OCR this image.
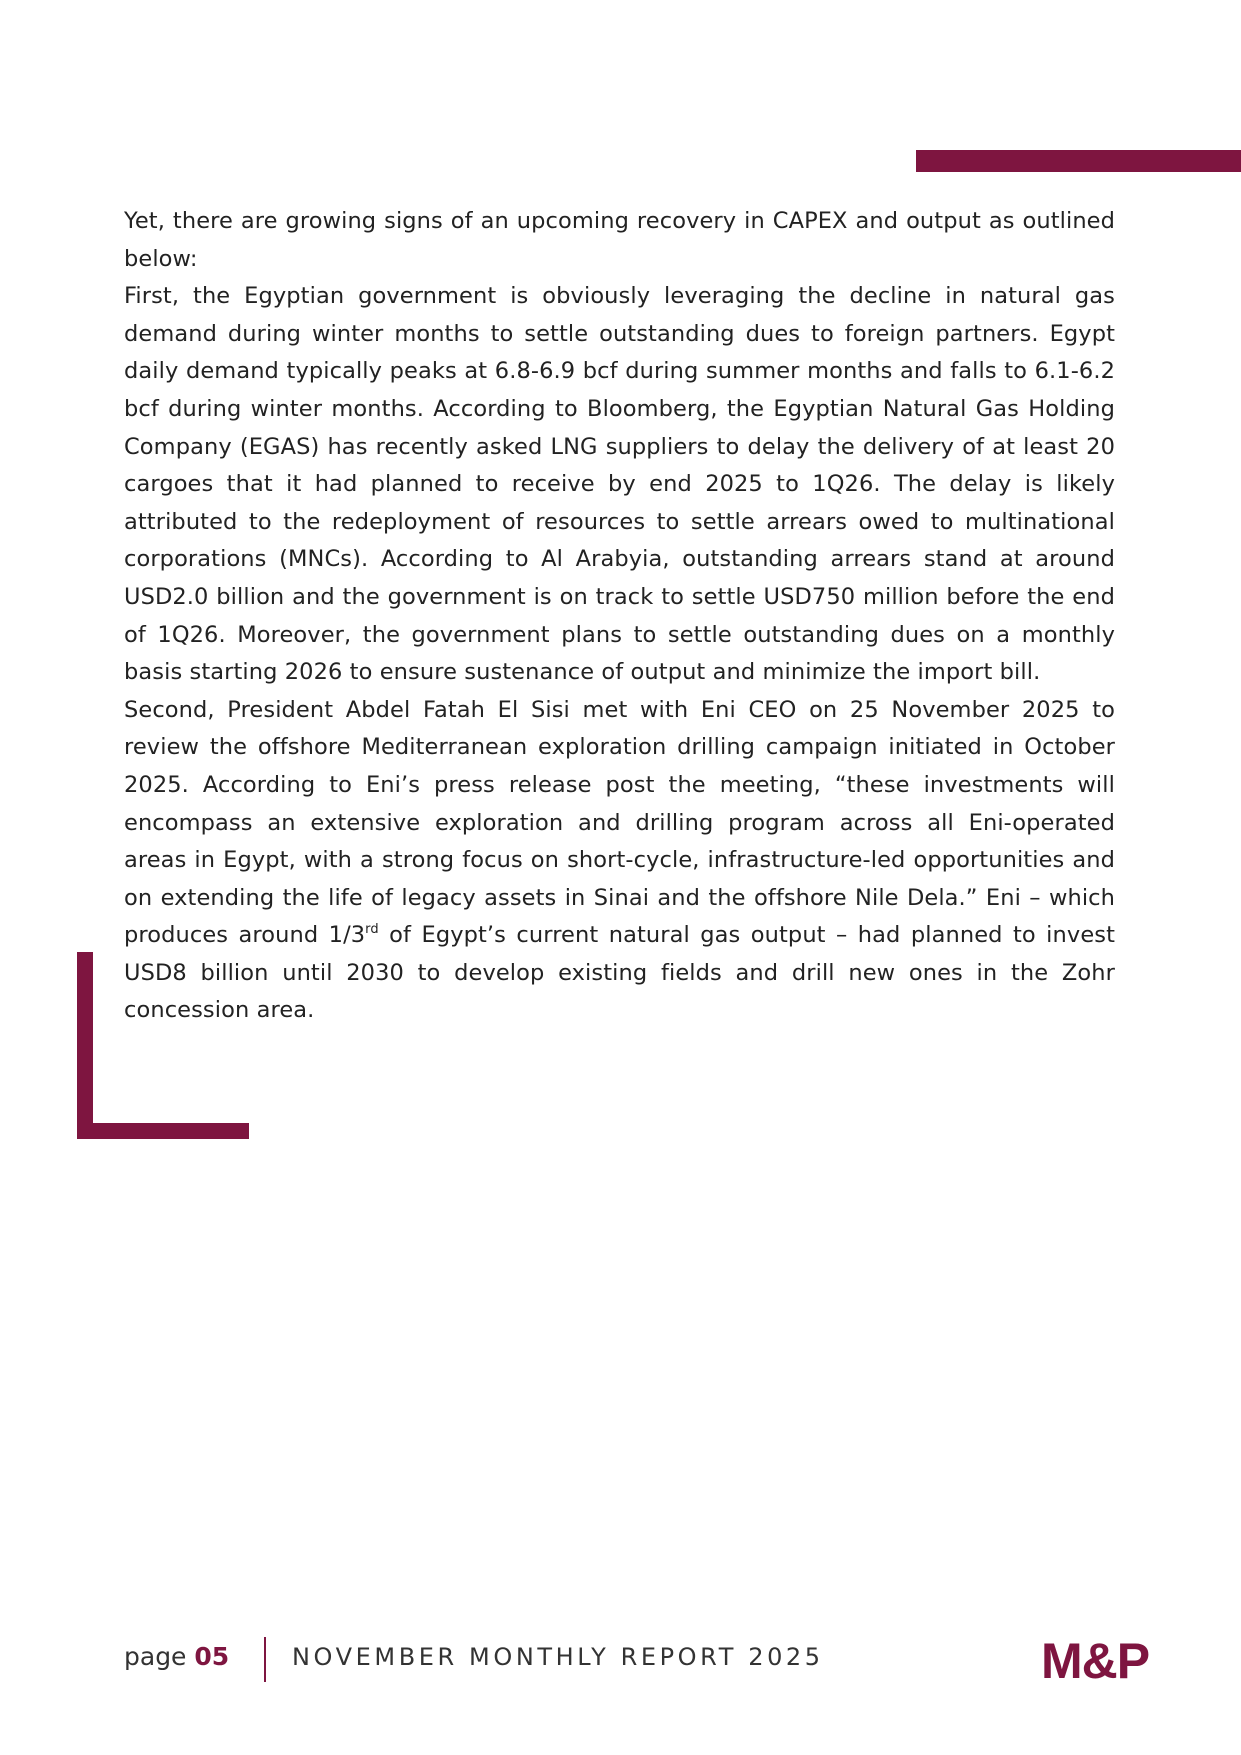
Yet, there are growing signs of an upcoming recovery in CAPEX and output as outlined below:

First, the Egyptian government is obviously leveraging the decline in natural gas demand during winter months to settle outstanding dues to foreign partners. Egypt daily demand typically peaks at 6.8-6.9 bcf during summer months and falls to 6.1-6.2 bcf during winter months. According to Bloomberg, the Egyptian Natural Gas Holding Company (EGAS) has recently asked LNG suppliers to delay the delivery of at least 20 cargoes that it had planned to receive by end 2025 to 1Q26. The delay is likely attributed to the redeployment of resources to settle arrears owed to multinational corporations (MNCs). According to Al Arabyia, outstanding arrears stand at around USD2.0 billion and the government is on track to settle USD750 million before the end of 1Q26. Moreover, the government plans to settle outstanding dues on a monthly basis starting 2026 to ensure sustenance of output and minimize the import bill.

Second, President Abdel Fatah El Sisi met with Eni CEO on 25 November 2025 to review the offshore Mediterranean exploration drilling campaign initiated in October 2025. According to Eni’s press release post the meeting, “these investments will encompass an extensive exploration and drilling program across all Eni-operated areas in Egypt, with a strong focus on short-cycle, infrastructure-led opportunities and on extending the life of legacy assets in Sinai and the offshore Nile Dela.” Eni – which produces around 1/3rd of Egypt’s current natural gas output – had planned to invest USD8 billion until 2030 to develop existing fields and drill new ones in the Zohr concession area.

page 05	NOVEMBER MONTHLY REPORT 2025	M&P
